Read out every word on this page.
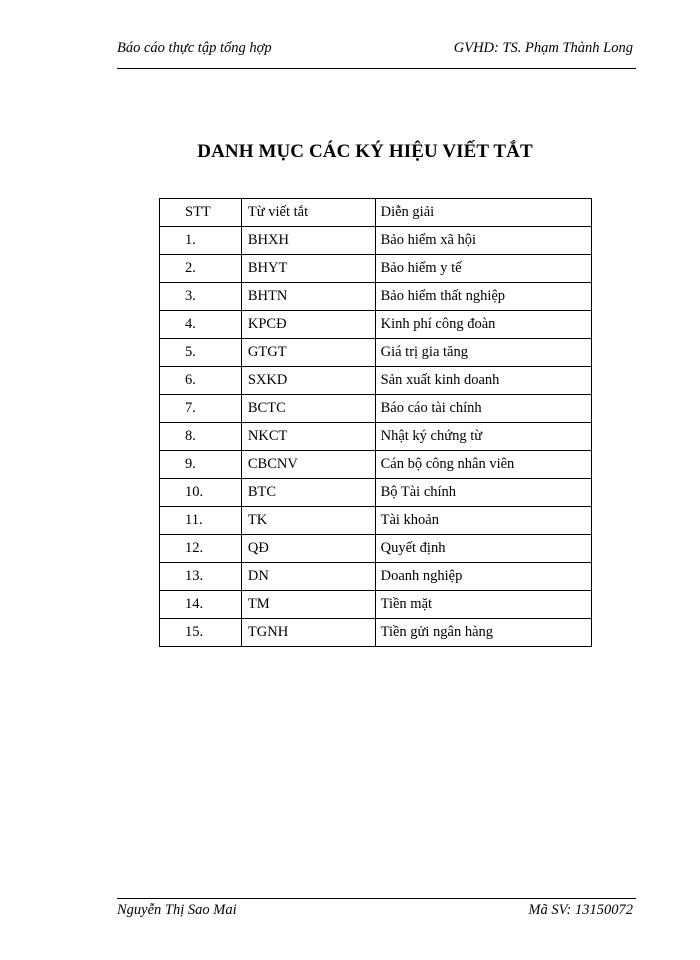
Báo cáo thực tập tổng hợp	GVHD: TS. Phạm Thành Long
DANH MỤC CÁC KÝ HIỆU VIẾT TẮT
STT	Từ viết tắt	Diễn giải
1.	BHXH	Bảo hiểm xã hội
2.	BHYT	Bảo hiểm y tế
3.	BHTN	Bảo hiểm thất nghiệp
4.	KPCĐ	Kinh phí công đoàn
5.	GTGT	Giá trị gia tăng
6.	SXKD	Sản xuất kinh doanh
7.	BCTC	Báo cáo tài chính
8.	NKCT	Nhật ký chứng từ
9.	CBCNV	Cán bộ công nhân viên
10.	BTC	Bộ Tài chính
11.	TK	Tài khoản
12.	QĐ	Quyết định
13.	DN	Doanh nghiệp
14.	TM	Tiền mặt
15.	TGNH	Tiền gửi ngân hàng
Nguyễn Thị Sao Mai	Mã SV: 13150072
